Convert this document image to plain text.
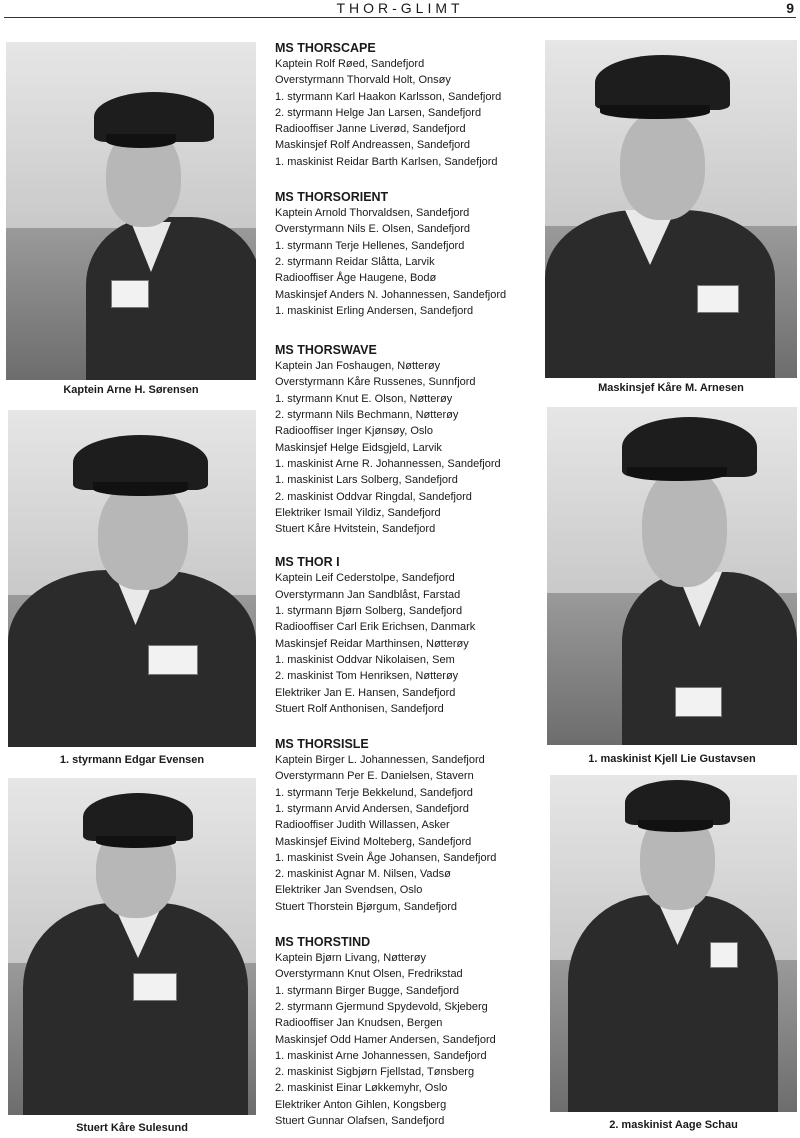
THOR-GLIMT	9
Kaptein Arne H. Sørensen
1. styrmann Edgar Evensen
Stuert Kåre Sulesund
MS THORSCAPE
Kaptein Rolf Røed, Sandefjord
Overstyrmann Thorvald Holt, Onsøy
1. styrmann Karl Haakon Karlsson, Sandefjord
2. styrmann Helge Jan Larsen, Sandefjord
Radiooffiser Janne Liverød, Sandefjord
Maskinsjef Rolf Andreassen, Sandefjord
1. maskinist Reidar Barth Karlsen, Sandefjord
MS THORSORIENT
Kaptein Arnold Thorvaldsen, Sandefjord
Overstyrmann Nils E. Olsen, Sandefjord
1. styrmann Terje Hellenes, Sandefjord
2. styrmann Reidar Slåtta, Larvik
Radiooffiser Åge Haugene, Bodø
Maskinsjef Anders N. Johannessen, Sandefjord
1. maskinist Erling Andersen, Sandefjord
MS THORSWAVE
Kaptein Jan Foshaugen, Nøtterøy
Overstyrmann Kåre Russenes, Sunnfjord
1. styrmann Knut E. Olson, Nøtterøy
2. styrmann Nils Bechmann, Nøtterøy
Radiooffiser Inger Kjønsøy, Oslo
Maskinsjef Helge Eidsgjeld, Larvik
1. maskinist Arne R. Johannessen, Sandefjord
1. maskinist Lars Solberg, Sandefjord
2. maskinist Oddvar Ringdal, Sandefjord
Elektriker Ismail Yildiz, Sandefjord
Stuert Kåre Hvitstein, Sandefjord
MS THOR I
Kaptein Leif Cederstolpe, Sandefjord
Overstyrmann Jan Sandblåst, Farstad
1. styrmann Bjørn Solberg, Sandefjord
Radiooffiser Carl Erik Erichsen, Danmark
Maskinsjef Reidar Marthinsen, Nøtterøy
1. maskinist Oddvar Nikolaisen, Sem
2. maskinist Tom Henriksen, Nøtterøy
Elektriker Jan E. Hansen, Sandefjord
Stuert Rolf Anthonisen, Sandefjord
MS THORSISLE
Kaptein Birger L. Johannessen, Sandefjord
Overstyrmann Per E. Danielsen, Stavern
1. styrmann Terje Bekkelund, Sandefjord
1. styrmann Arvid Andersen, Sandefjord
Radiooffiser Judith Willassen, Asker
Maskinsjef Eivind Molteberg, Sandefjord
1. maskinist Svein Åge Johansen, Sandefjord
2. maskinist Agnar M. Nilsen, Vadsø
Elektriker Jan Svendsen, Oslo
Stuert Thorstein Bjørgum, Sandefjord
MS THORSTIND
Kaptein Bjørn Livang, Nøtterøy
Overstyrmann Knut Olsen, Fredrikstad
1. styrmann Birger Bugge, Sandefjord
2. styrmann Gjermund Spydevold, Skjeberg
Radiooffiser Jan Knudsen, Bergen
Maskinsjef Odd Hamer Andersen, Sandefjord
1. maskinist Arne Johannessen, Sandefjord
2. maskinist Sigbjørn Fjellstad, Tønsberg
2. maskinist Einar Løkkemyhr, Oslo
Elektriker Anton Gihlen, Kongsberg
Stuert Gunnar Olafsen, Sandefjord
Maskinsjef Kåre M. Arnesen
1. maskinist Kjell Lie Gustavsen
2. maskinist Aage Schau
